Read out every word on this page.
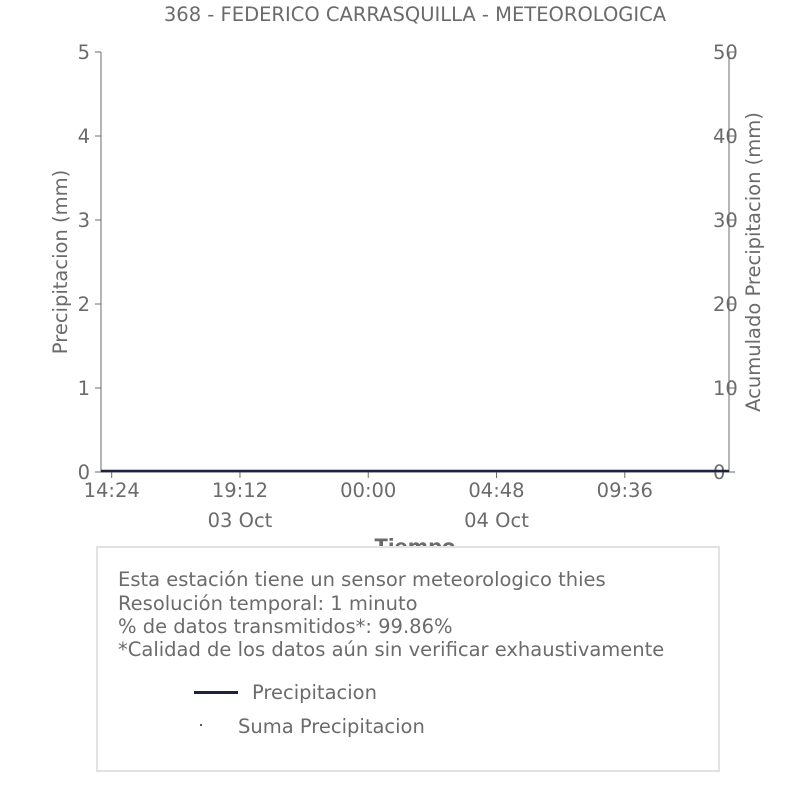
368 - FEDERICO CARRASQUILLA - METEOROLOGICA
0
1
2
3
4
5
0
10
20
30
40
50
14:24	19:12	00:00	04:48	09:36
03 Oct	04 Oct
Precipitacion (mm)	Acumulado Precipitacion (mm)
Esta estación tiene un sensor meteorologico thies
Resolución temporal: 1 minuto
% de datos transmitidos*: 99.86%
*Calidad de los datos aún sin verificar exhaustivamente
Precipitacion
Suma Precipitacion
